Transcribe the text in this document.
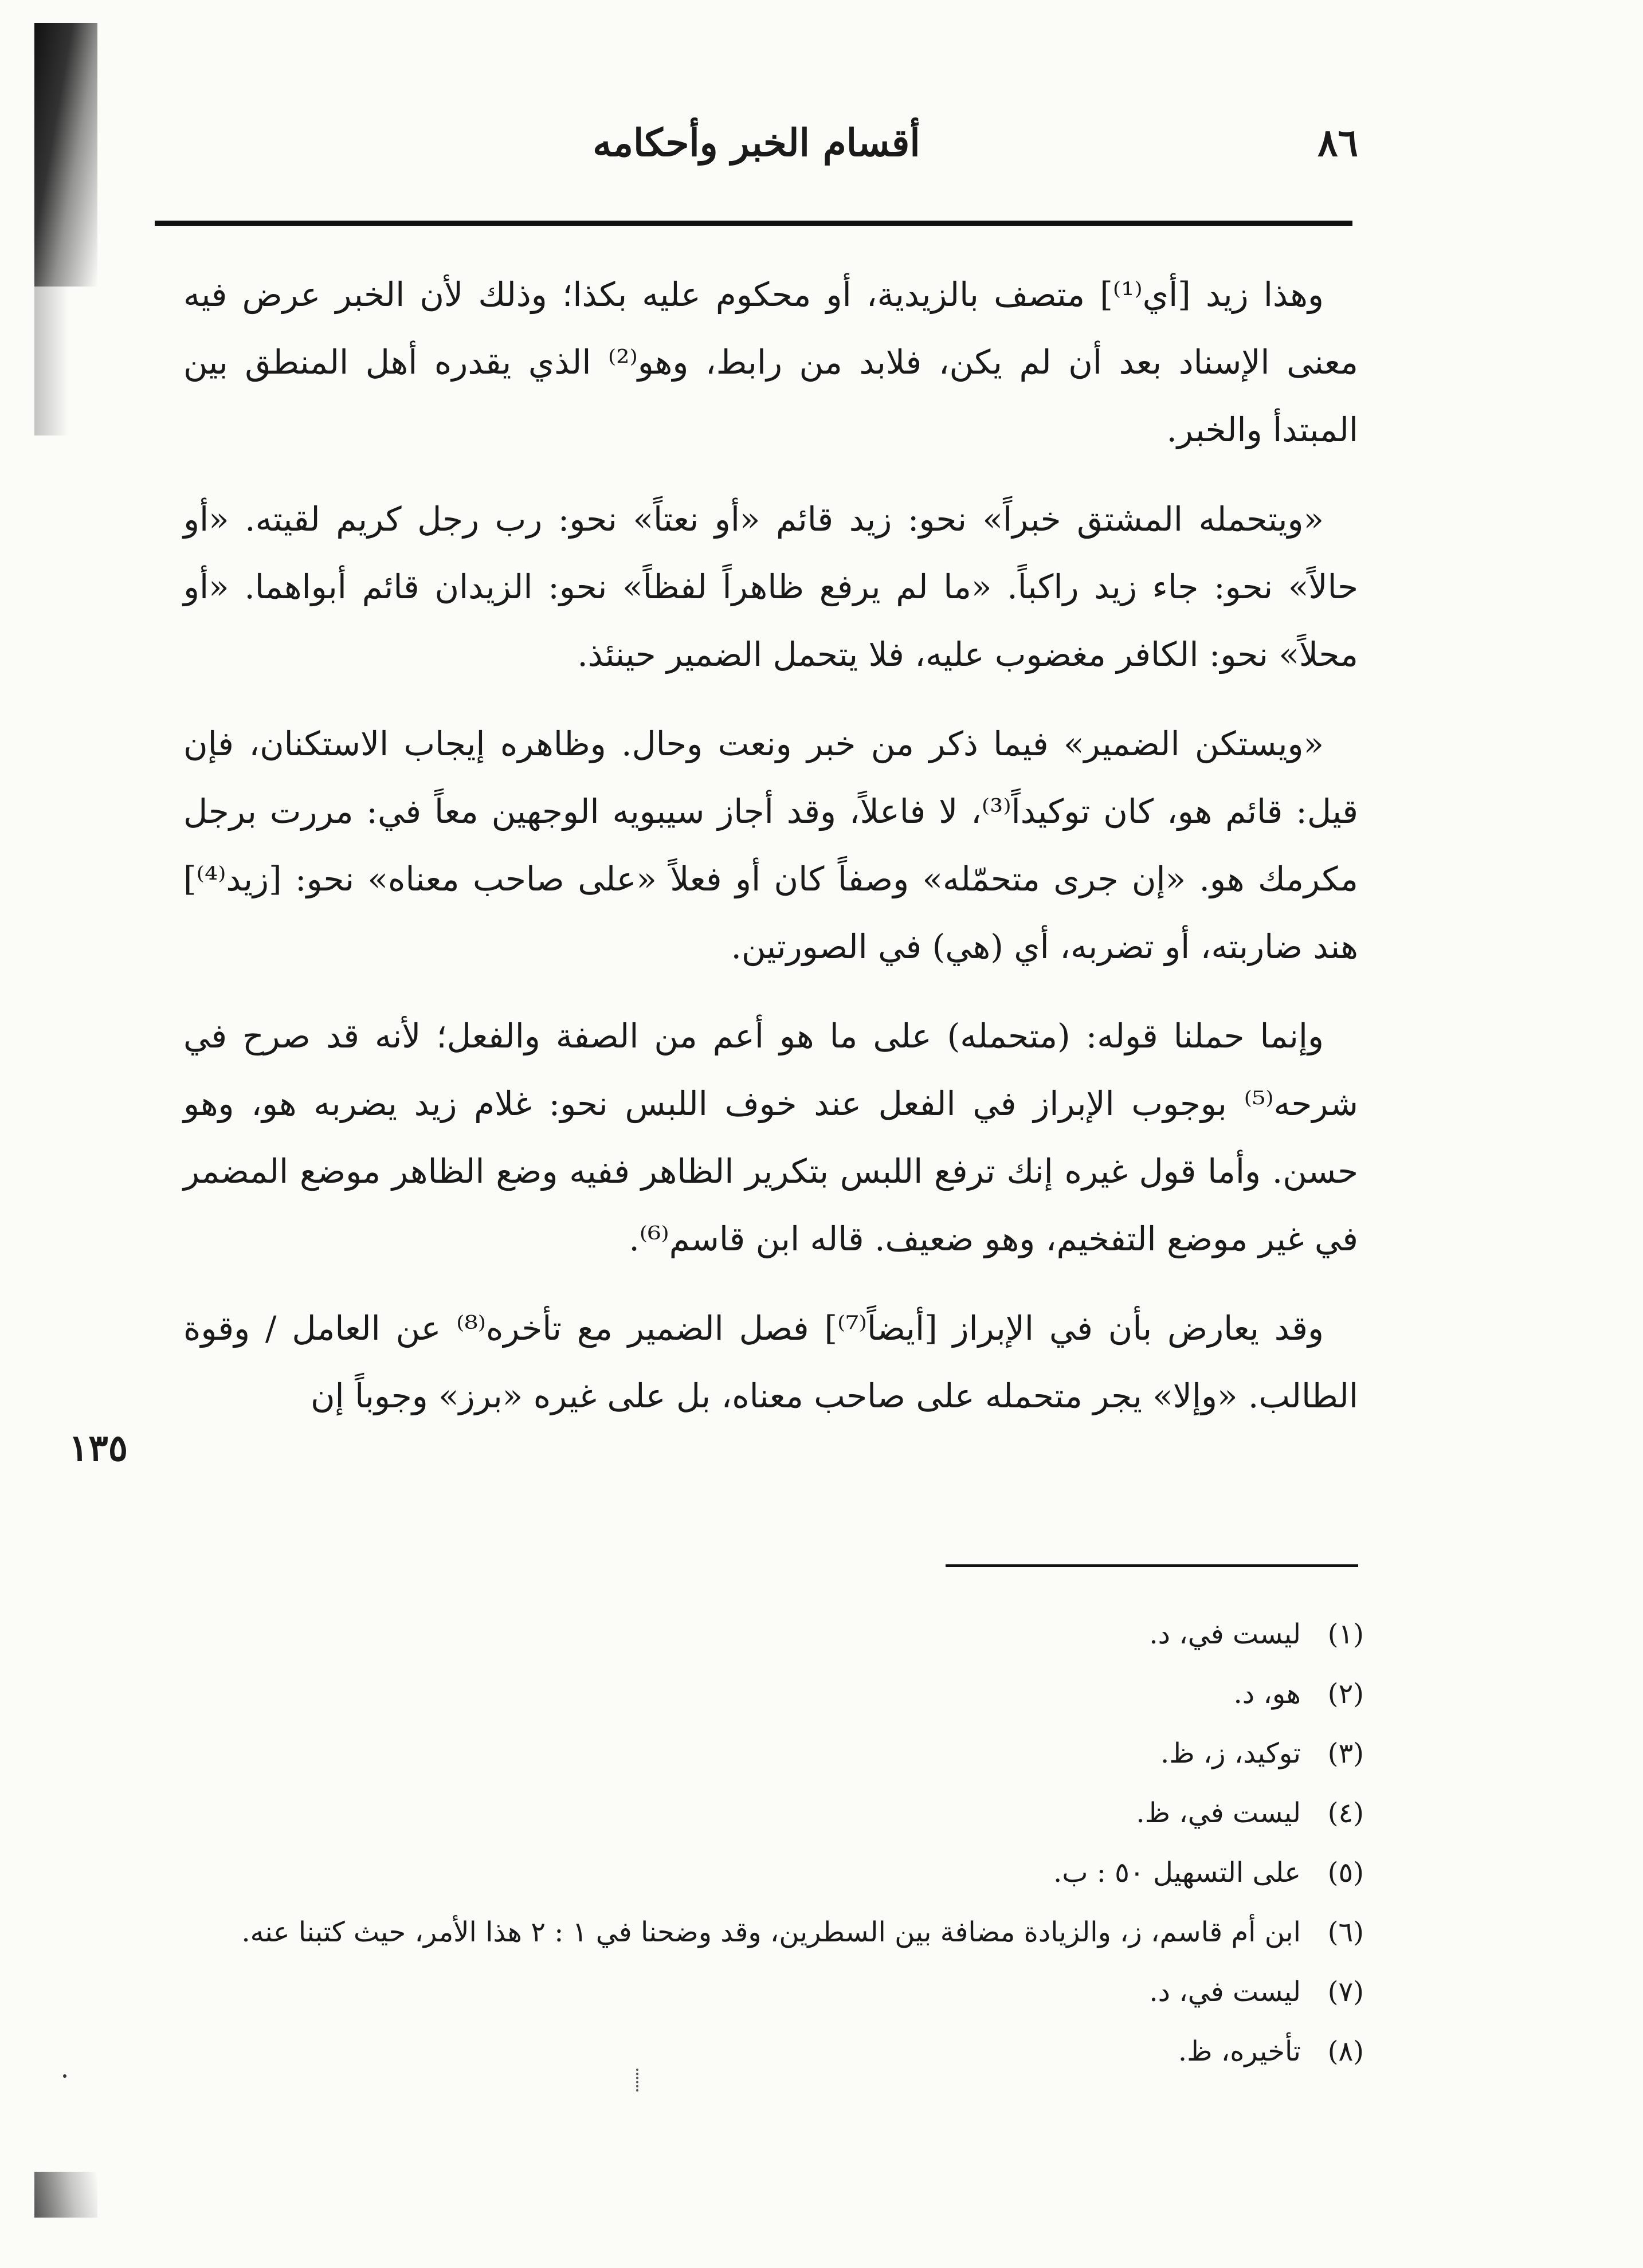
٨٦
أقسام الخبر وأحكامه

وهذا زيد [أي⁽¹⁾] متصف بالزيدية، أو محكوم عليه بكذا؛ وذلك لأن الخبر عرض فيه معنى الإسناد بعد أن لم يكن، فلابد من رابط، وهو⁽²⁾ الذي يقدره أهل المنطق بين المبتدأ والخبر.

«ويتحمله المشتق خبراً» نحو: زيد قائم «أو نعتاً» نحو: رب رجل كريم لقيته. «أو حالاً» نحو: جاء زيد راكباً. «ما لم يرفع ظاهراً لفظاً» نحو: الزيدان قائم أبواهما. «أو محلاً» نحو: الكافر مغضوب عليه، فلا يتحمل الضمير حينئذ.

«ويستكن الضمير» فيما ذكر من خبر ونعت وحال. وظاهره إيجاب الاستكنان، فإن قيل: قائم هو، كان توكيداً⁽³⁾، لا فاعلاً، وقد أجاز سيبويه الوجهين معاً في: مررت برجل مكرمك هو. «إن جرى متحمّله» وصفاً كان أو فعلاً «على صاحب معناه» نحو: [زيد⁽⁴⁾] هند ضاربته، أو تضربه، أي (هي) في الصورتين.

وإنما حملنا قوله: (متحمله) على ما هو أعم من الصفة والفعل؛ لأنه قد صرح في شرحه⁽⁵⁾ بوجوب الإبراز في الفعل عند خوف اللبس نحو: غلام زيد يضربه هو، وهو حسن. وأما قول غيره إنك ترفع اللبس بتكرير الظاهر ففيه وضع الظاهر موضع المضمر في غير موضع التفخيم، وهو ضعيف. قاله ابن قاسم⁽⁶⁾.

وقد يعارض بأن في الإبراز [أيضاً⁽⁷⁾] فصل الضمير مع تأخره⁽⁸⁾ عن العامل / وقوة الطالب. «وإلا» يجر متحمله على صاحب معناه، بل على غيره «برز» وجوباً إن

١٣٥
(١)
ليست في، د.
(٢)
هو، د.
(٣)
توكيد، ز، ظ.
(٤)
ليست في، ظ.
(٥)
على التسهيل ٥٠ : ب.
(٦)
ابن أم قاسم، ز، والزيادة مضافة بين السطرين، وقد وضحنا في ١ : ٢ هذا الأمر، حيث كتبنا عنه.
(٧)
ليست في، د.
(٨)
تأخيره، ظ.
